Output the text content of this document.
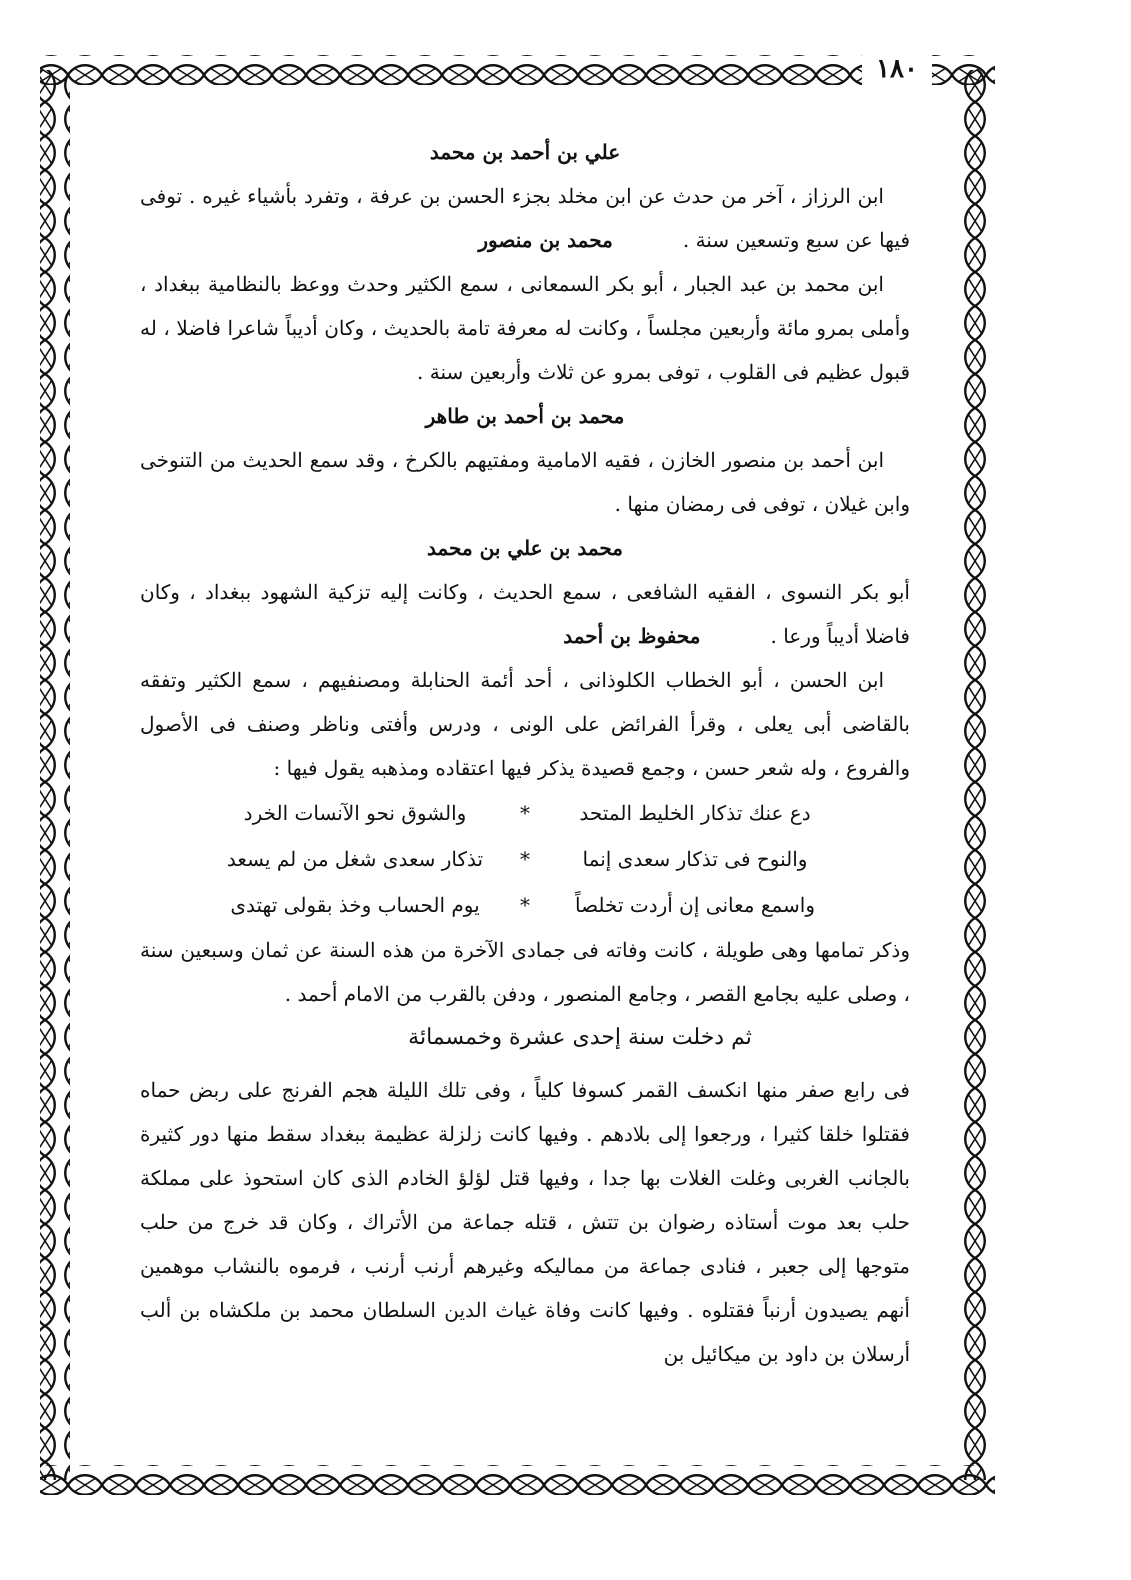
١٨٠
علي بن أحمد بن محمد

ابن الرزاز ، آخر من حدث عن ابن مخلد بجزء الحسن بن عرفة ، وتفرد بأشياء غيره . توفى فيها عن سبع وتسعين سنة .محمد بن منصور

ابن محمد بن عبد الجبار ، أبو بكر السمعانى ، سمع الكثير وحدث ووعظ بالنظامية ببغداد ، وأملى بمرو مائة وأربعين مجلساً ، وكانت له معرفة تامة بالحديث ، وكان أديباً شاعرا فاضلا ، له قبول عظيم فى القلوب ، توفى بمرو عن ثلاث وأربعين سنة .

محمد بن أحمد بن طاهر

ابن أحمد بن منصور الخازن ، فقيه الامامية ومفتيهم بالكرخ ، وقد سمع الحديث من التنوخى وابن غيلان ، توفى فى رمضان منها .

محمد بن علي بن محمد

أبو بكر النسوى ، الفقيه الشافعى ، سمع الحديث ، وكانت إليه تزكية الشهود ببغداد ، وكان فاضلا أديباً ورعا .محفوظ بن أحمد

ابن الحسن ، أبو الخطاب الكلوذانى ، أحد أئمة الحنابلة ومصنفيهم ، سمع الكثير وتفقه بالقاضى أبى يعلى ، وقرأ الفرائض على الونى ، ودرس وأفتى وناظر وصنف فى الأصول والفروع ، وله شعر حسن ، وجمع قصيدة يذكر فيها اعتقاده ومذهبه يقول فيها :

دع عنك تذكار الخليط المتحد
*
والشوق نحو الآنسات الخرد
والنوح فى تذكار سعدى إنما
*
تذكار سعدى شغل من لم يسعد
واسمع معانى إن أردت تخلصاً
*
يوم الحساب وخذ بقولى تهتدى

وذكر تمامها وهى طويلة ، كانت وفاته فى جمادى الآخرة من هذه السنة عن ثمان وسبعين سنة ، وصلى عليه بجامع القصر ، وجامع المنصور ، ودفن بالقرب من الامام أحمد .

ثم دخلت سنة إحدى عشرة وخمسمائة

فى رابع صفر منها انكسف القمر كسوفا كلياً ، وفى تلك الليلة هجم الفرنج على ربض حماه فقتلوا خلقا كثيرا ، ورجعوا إلى بلادهم . وفيها كانت زلزلة عظيمة ببغداد سقط منها دور كثيرة بالجانب الغربى وغلت الغلات بها جدا ، وفيها قتل لؤلؤ الخادم الذى كان استحوذ على مملكة حلب بعد موت أستاذه رضوان بن تتش ، قتله جماعة من الأتراك ، وكان قد خرج من حلب متوجها إلى جعبر ، فنادى جماعة من مماليكه وغيرهم أرنب أرنب ، فرموه بالنشاب موهمين أنهم يصيدون أرنباً فقتلوه . وفيها كانت وفاة غياث الدين السلطان محمد بن ملكشاه بن ألب أرسلان بن داود بن ميكائيل بن
